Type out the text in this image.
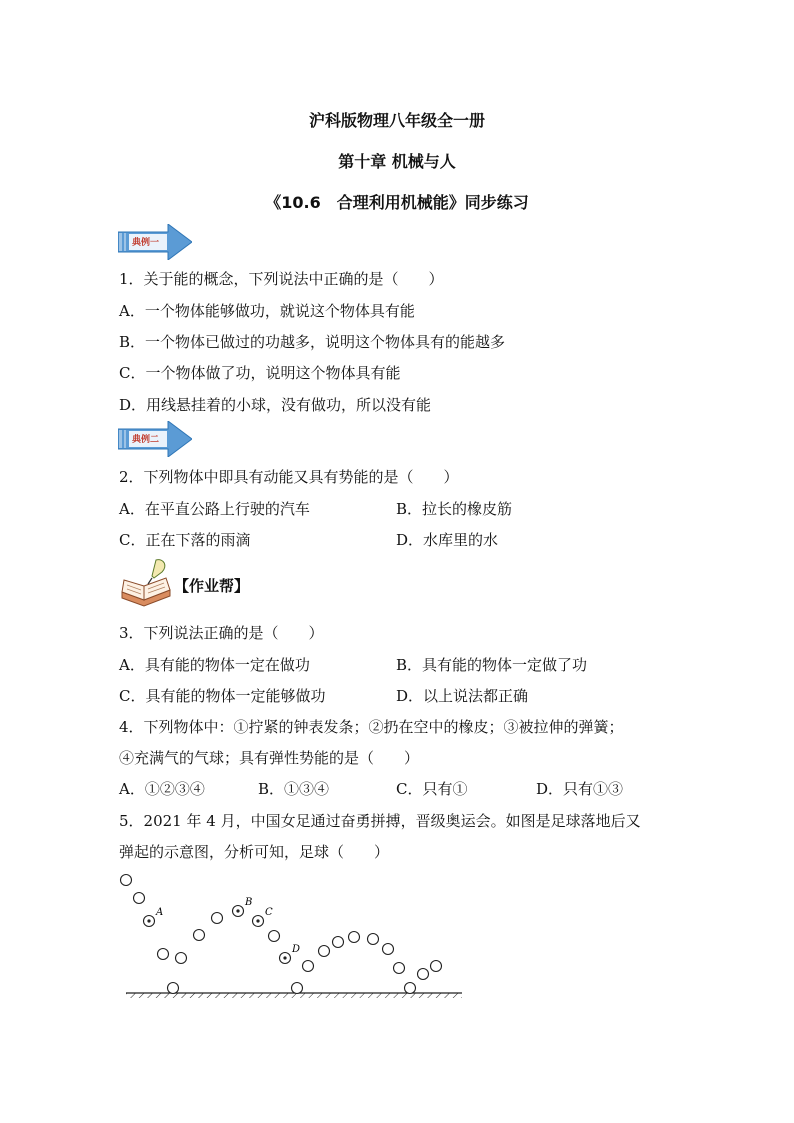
沪科版物理八年级全一册
第十章 机械与人
《10.6　合理利用机械能》同步练习
典例一
1．关于能的概念，下列说法中正确的是（　　）
A．一个物体能够做功，就说这个物体具有能
B．一个物体已做过的功越多，说明这个物体具有的能越多
C．一个物体做了功，说明这个物体具有能
D．用线悬挂着的小球，没有做功，所以没有能
典例二
2．下列物体中即具有动能又具有势能的是（　　）
A．在平直公路上行驶的汽车	B．拉长的橡皮筋
C．正在下落的雨滴	D．水库里的水
【作业帮】
3．下列说法正确的是（　　）
A．具有能的物体一定在做功	B．具有能的物体一定做了功
C．具有能的物体一定能够做功	D．以上说法都正确
4．下列物体中：①拧紧的钟表发条；②扔在空中的橡皮；③被拉伸的弹簧；
④充满气的气球；具有弹性势能的是（　　）
A．①②③④	B．①③④	C．只有①	D．只有①③
5．2021 年 4 月，中国女足通过奋勇拼搏，晋级奥运会。如图是足球落地后又
弹起的示意图，分析可知，足球（　　）
A
B
C
D
